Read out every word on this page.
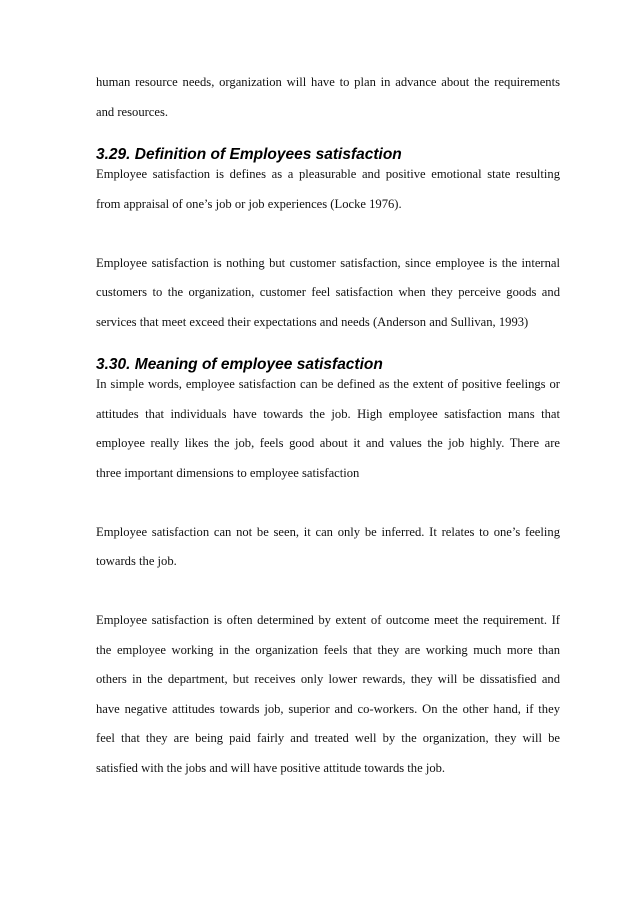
human resource needs, organization will have to plan in advance about the requirements
and resources.
3.29. Definition of Employees satisfaction
Employee satisfaction is defines as a pleasurable and positive emotional state resulting
from appraisal of one’s job or job experiences (Locke 1976).
Employee satisfaction is nothing but customer satisfaction, since employee is the internal
customers to the organization, customer feel satisfaction when they perceive goods and
services that meet exceed their expectations and needs (Anderson and Sullivan, 1993)
3.30. Meaning of employee satisfaction
In simple words, employee satisfaction can be defined as the extent of positive feelings or
attitudes that individuals have towards the job. High employee satisfaction mans that
employee really likes the job, feels good about it and values the job highly. There are
three important dimensions to employee satisfaction
Employee satisfaction can not be seen, it can only be inferred. It relates to one’s feeling
towards the job.
Employee satisfaction is often determined by extent of outcome meet the requirement. If
the employee working in the organization feels that they are working much more than
others in the department, but receives only lower rewards, they will be dissatisfied and
have negative attitudes towards job, superior and co-workers. On the other hand, if they
feel that they are being paid fairly and treated well by the organization, they will be
satisfied with the jobs and will have positive attitude towards the job.
